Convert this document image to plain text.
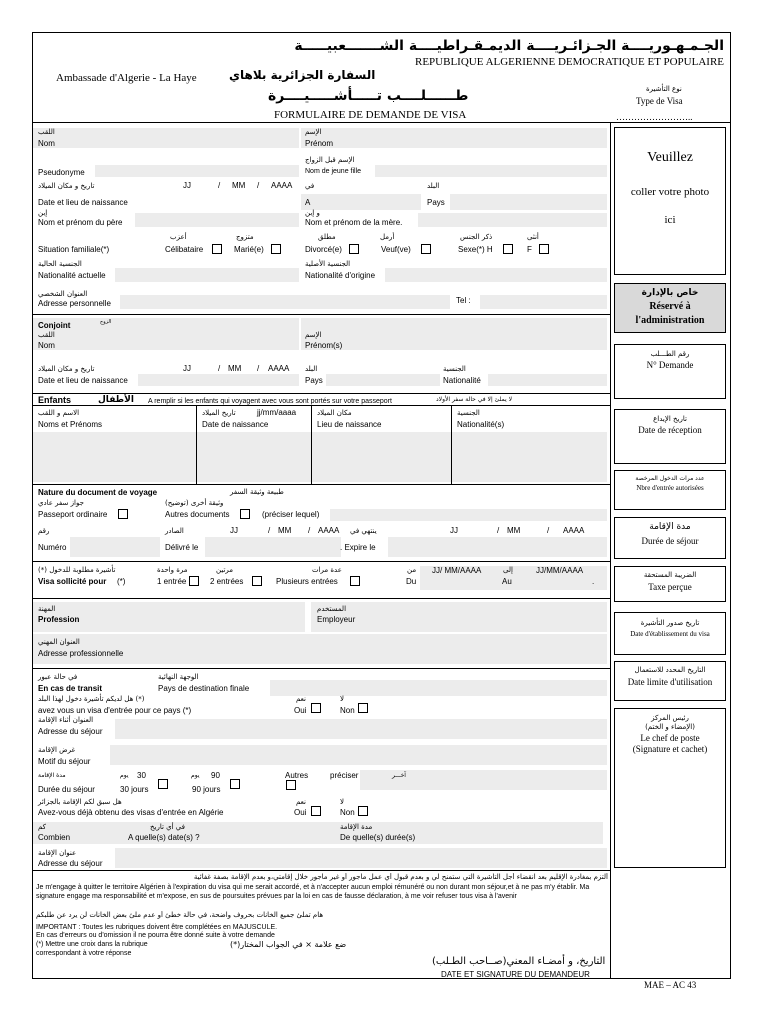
الجـمـهـوريــــة الجـزائـريــــة الديمـقـراطيــــة الشـــــــعبيـــــة
REPUBLIQUE ALGERIENNE DEMOCRATIQUE ET POPULAIRE
Ambassade d'Algerie - La Haye	السفارة الجزائرية بلاهاي
طــــــلــــب تـــــأشـــــيــــرة
FORMULAIRE DE DEMANDE DE VISA
نوع التأشيرة
Type de Visa
……………………..
Veuillez
coller votre photo
ici
خاص بالإدارة
Réservé à
l'administration
رقم الطـــلب
N° Demande
تاريخ الإيداع
Date de réception
عدد مرات الدخول المرخصة
Nbre d'entrée autorisées
مدة الإقامة
Durée de séjour
الضريبة المستحقة
Taxe perçue
تاريخ صدور التأشيرة
Date d'établissement du visa
التاريخ المحدد للاستعمال
Date limite d'utilisation
رئيس المركز
(الإمضاء و الختم)
Le chef de poste
(Signature et cachet)
MAE – AC 43
اللقب
Nom
الإسم
Prénom
الإسم قبل الزواج
Pseudonyme	Nom de jeune fille
تاريخ و مكان الميلاد	JJ	/ MM / AAAA في	البلد
Date et lieu de naissance	A	Pays
إبن
Nom et prénom du père
و إبن
Nom et prénom de la mère.
أعزب	متزوج	مطلق	أرمل	ذكر الجنس	أنثى
Situation familiale(*)	Célibataire	Marié(e)	Divorcé(e)	Veuf(ve)	Sexe(*) H	F
الجنسية الحالية
Nationalité actuelle
الجنسية الأصلية
Nationalité d'origine
العنوان الشخصي
Adresse personnelle	Tel :
Conjoint	الزوج
اللقب
Nom
الإسم
Prénom(s)
تاريخ و مكان الميلاد	JJ	/ MM / AAAA البلد	الجنسية
Date et lieu de naissance	Pays	Nationalité
Enfants	الأطفال A remplir si les enfants qui voyagent avec vous sont portés sur votre passeport	لا يملئ إلا في حالة سفر الأولاد
الاسم و اللقب	تاريخ الميلاد	jj/mm/aaaa	مكان الميلاد	الجنسية
Noms et Prénoms	Date de naissance	Lieu de naissance	Nationalité(s)
Nature du document de voyage	طبيعة وثيقة السفر
جواز سفر عادي	وثيقة أخرى (توضيح)
Passeport ordinaire	Autres documents	(préciser lequel)
رقم	الصادر	JJ	/ MM / AAAA ينتهي في	JJ	/ MM	/ AAAA
Numéro	Délivré le	. Expire le
(*) تأشيرة مطلوبة للدخول	مرة واحدة	مرتين	عدة مرات	من JJ/ MM/AAAA	إلى	JJ/MM/AAAA
Visa sollicité pour (*)	1 entrée	2 entrées	Plusieurs entrées	Du	Au	.
المهنة
Profession
المستخدم
Employeur
العنوان المهني
Adresse professionnelle
في حالة عبور	الوجهة النهائية
En cas de transit	Pays de destination finale
هل لديكم تأشيرة دخول لهذا البلد (*)	نعم	لا
avez vous un visa d'entrée pour ce pays (*)	Oui	Non
العنوان أثناء الإقامة
Adresse du séjour
غرض الإقامة
Motif du séjour
مدة الإقامة	يوم 30	يوم 90	Autres	préciser	آخـــر
Durée du séjour	30 jours	90 jours
هل سبق لكم الإقامة بالجزائر	نعم	لا
Avez-vous déjà obtenu des visas d'entrée en Algérie	Oui	Non
كم	في أي تاريخ	مدة الإقامة
Combien	A quelle(s) date(s) ?	De quelle(s) durée(s)
عنوان الإقامة
Adresse du séjour
ألتزم بمغادرة الإقليم بعد انقضاء أجل التأشيرة التي ستمنح لي و بعدم قبول أي عمل مأجور أو غير مأجور خلال إقامتي،و بعدم الإقامة بصفة غفائية
Je m'engage à quitter le territoire Algérien à l'expiration du visa qui me serait accordé, et à n'accepter aucun emploi rémunéré ou non durant mon séjour,et à ne pas m'y établir. Ma signature engage ma responsabilité et m'expose, en sus de poursuites prévues par la loi en cas de fausse déclaration, à me voir refuser tous visa à l'avenir
هام تملئ جميع الخانات بحروف واضحة، في حالة خطئ أو عدم ملئ بعض الخانات لن يرد عن طلبكم
IMPORTANT : Toutes les rubriques doivent être complétées en MAJUSCULE.
En cas d'erreurs ou d'omission il ne pourra être donné suite à votre demande
(*) Mettre une croix dans la rubrique
correspondant à votre réponse
(*)ضع علامة × في الجواب المختار
التاريخ، و أمضـاء المعني(صــاحب الطـلب)
DATE ET SIGNATURE DU DEMANDEUR
